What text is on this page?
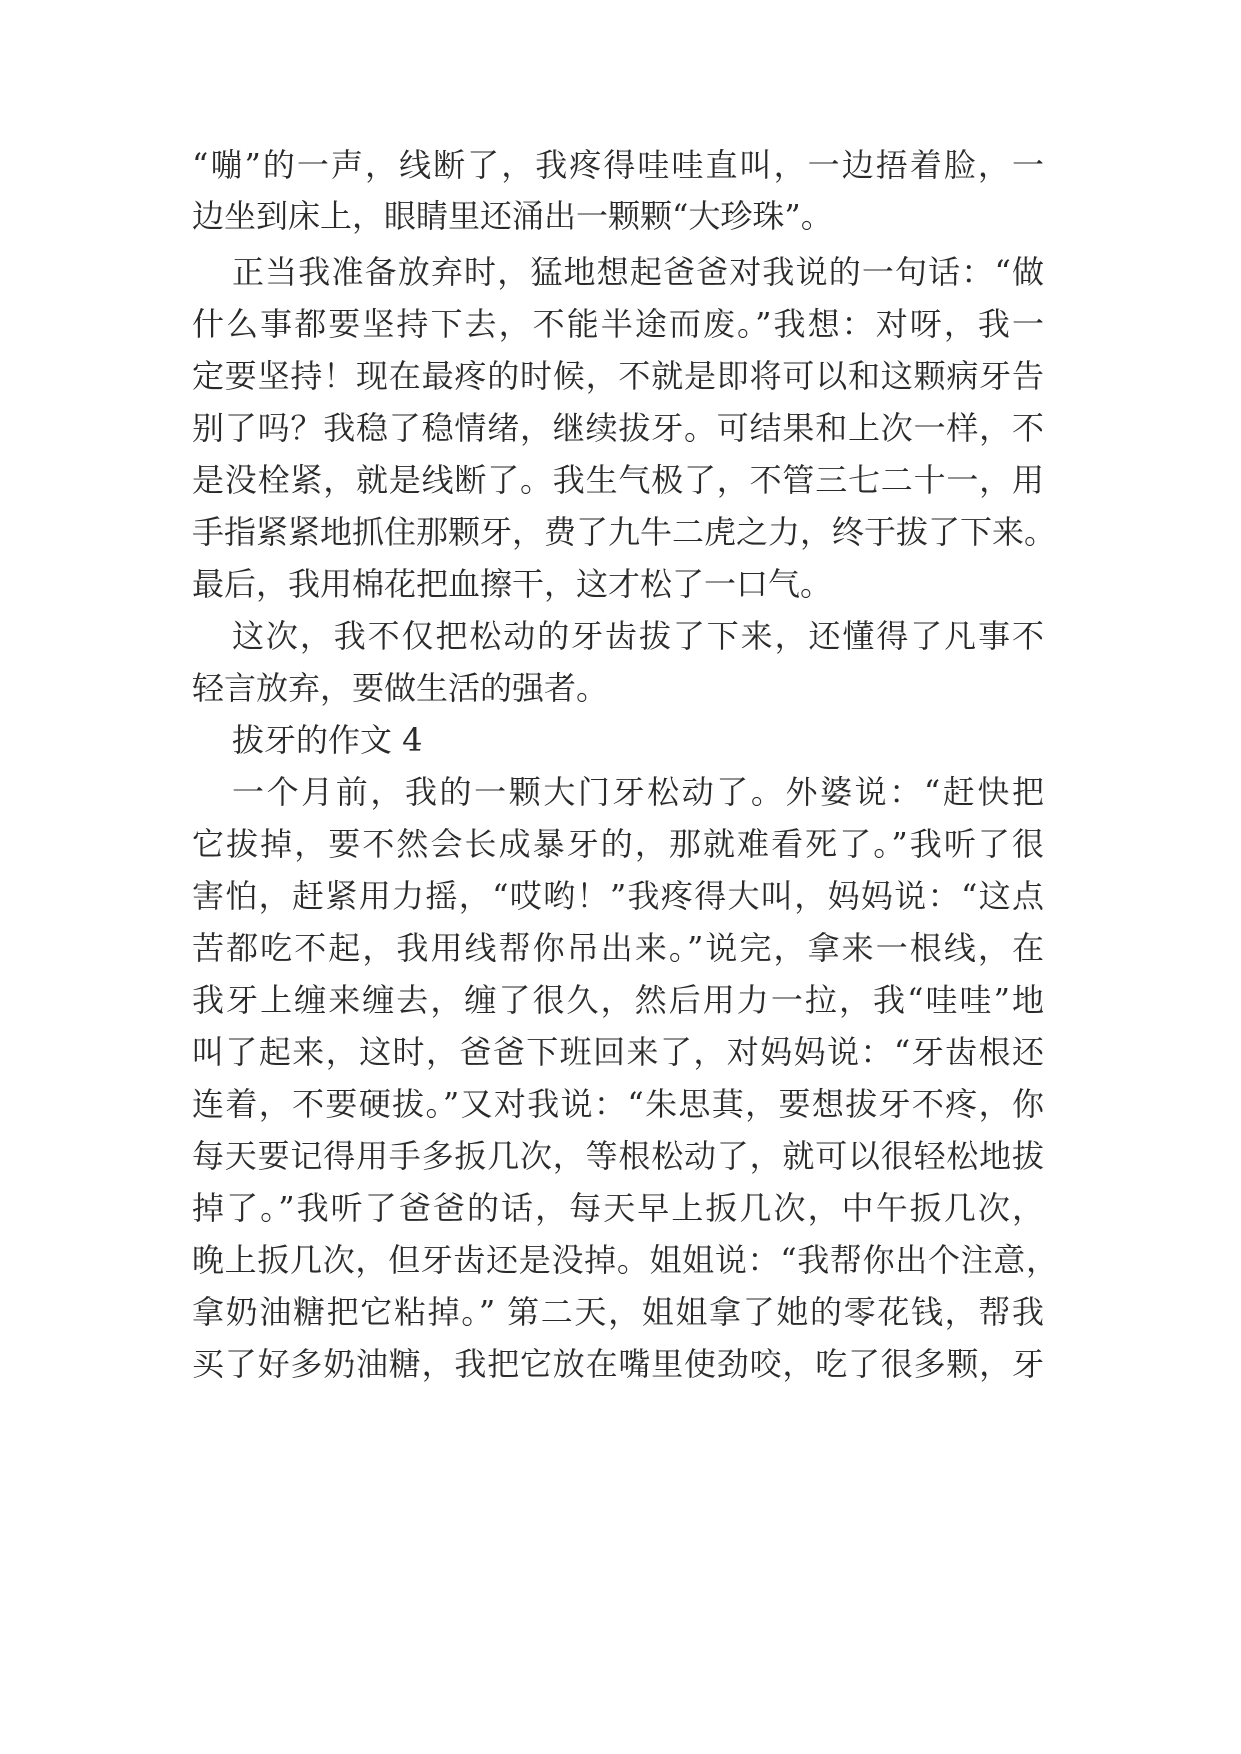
“嘣”的一声，线断了，我疼得哇哇直叫，一边捂着脸，一
边坐到床上，眼睛里还涌出一颗颗“大珍珠”。
正当我准备放弃时，猛地想起爸爸对我说的一句话：“做
什么事都要坚持下去，不能半途而废。”我想：对呀，我一
定要坚持！现在最疼的时候，不就是即将可以和这颗病牙告
别了吗？我稳了稳情绪，继续拔牙。可结果和上次一样，不
是没栓紧，就是线断了。我生气极了，不管三七二十一，用
手指紧紧地抓住那颗牙，费了九牛二虎之力，终于拔了下来。
最后，我用棉花把血擦干，这才松了一口气。
这次，我不仅把松动的牙齿拔了下来，还懂得了凡事不
轻言放弃，要做生活的强者。
拔牙的作文 4
一个月前，我的一颗大门牙松动了。外婆说：“赶快把
它拔掉，要不然会长成暴牙的，那就难看死了。”我听了很
害怕，赶紧用力摇，“哎哟！”我疼得大叫，妈妈说：“这点
苦都吃不起，我用线帮你吊出来。”说完，拿来一根线，在
我牙上缠来缠去，缠了很久，然后用力一拉，我“哇哇”地
叫了起来，这时，爸爸下班回来了，对妈妈说：“牙齿根还
连着，不要硬拔。”又对我说：“朱思萁，要想拔牙不疼，你
每天要记得用手多扳几次，等根松动了，就可以很轻松地拔
掉了。”我听了爸爸的话，每天早上扳几次，中午扳几次，
晚上扳几次，但牙齿还是没掉。姐姐说：“我帮你出个注意，
拿奶油糖把它粘掉。” 第二天，姐姐拿了她的零花钱，帮我
买了好多奶油糖，我把它放在嘴里使劲咬，吃了很多颗，牙
